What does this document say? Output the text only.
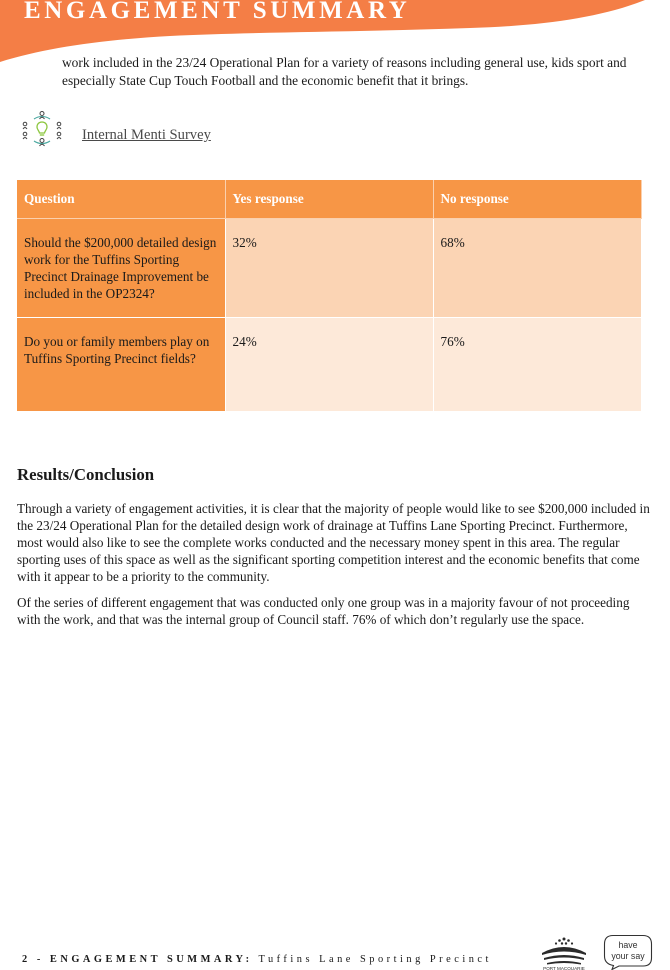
ENGAGEMENT SUMMARY

work included in the 23/24 Operational Plan for a variety of reasons including general use, kids sport and especially State Cup Touch Football and the economic benefit that it brings.

Internal Menti Survey
Question	Yes response	No response
Should the $200,000 detailed design work for the Tuffins Sporting Precinct Drainage Improvement be included in the OP2324?	32%	68%
Do you or family members play on Tuffins Sporting Precinct fields?	24%	76%
Results/Conclusion

Through a variety of engagement activities, it is clear that the majority of people would like to see $200,000 included in the 23/24 Operational Plan for the detailed design work of drainage at Tuffins Lane Sporting Precinct. Furthermore, most would also like to see the complete works conducted and the necessary money spent in this area. The regular sporting uses of this space as well as the significant sporting competition interest and the economic benefits that come with it appear to be a priority to the community.

Of the series of different engagement that was conducted only one group was in a majority favour of not proceeding with the work, and that was the internal group of Council staff. 76% of which don’t regularly use the space.

2 - ENGAGEMENT SUMMARY: Tuffins Lane Sporting Precinct

PORT MACQUARIE
have
your say
